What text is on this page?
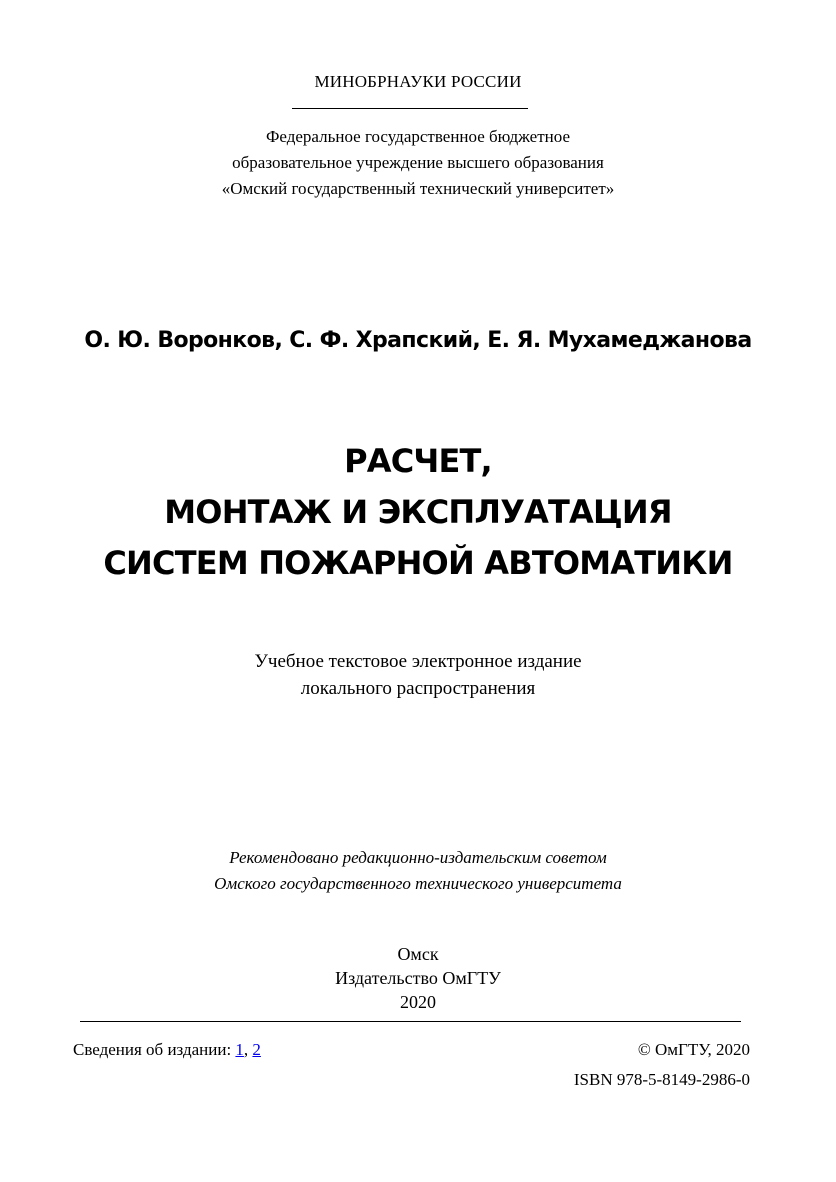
МИНОБРНАУКИ РОССИИ
Федеральное государственное бюджетное
образовательное учреждение высшего образования
«Омский государственный технический университет»
О. Ю. Воронков, С. Ф. Храпский, Е. Я. Мухамеджанова
РАСЧЕТ,
МОНТАЖ И ЭКСПЛУАТАЦИЯ
СИСТЕМ ПОЖАРНОЙ АВТОМАТИКИ
Учебное текстовое электронное издание
локального распространения
Рекомендовано редакционно-издательским советом
Омского государственного технического университета
Омск
Издательство ОмГТУ
2020
Сведения об издании: 1, 2	© ОмГТУ, 2020
ISBN 978-5-8149-2986-0
